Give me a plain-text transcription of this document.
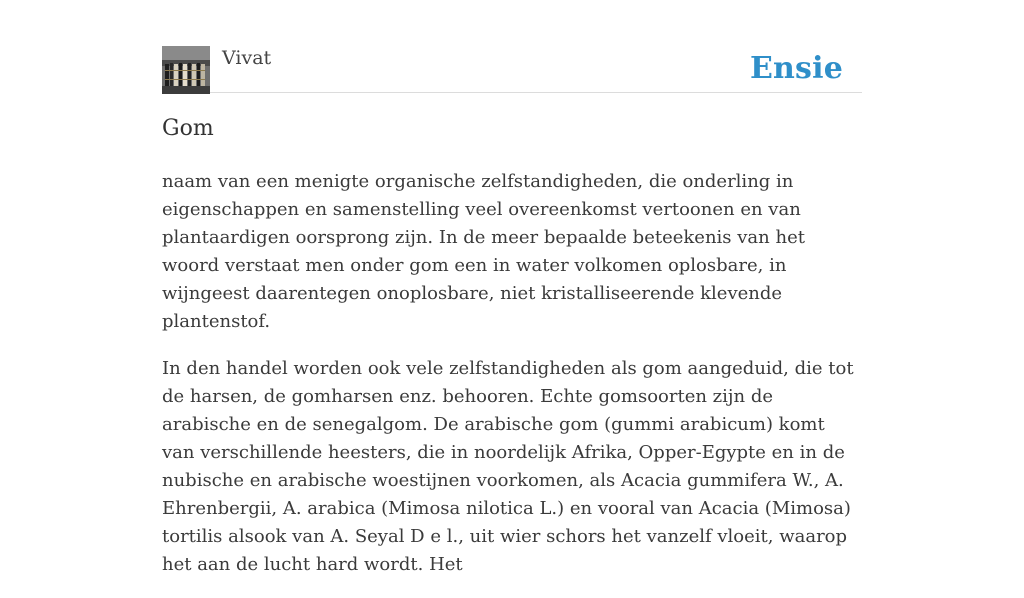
Vivat	Ensie
Gom

naam van een menigte organische zelfstandigheden, die onderling in eigenschappen en samenstelling veel overeenkomst vertoonen en van plantaardigen oorsprong zijn. In de meer bepaalde beteekenis van het woord verstaat men onder gom een in water volkomen oplosbare, in wijngeest daarentegen onoplosbare, niet kristalliseerende klevende plantenstof.

In den handel worden ook vele zelfstandigheden als gom aangeduid, die tot de harsen, de gomharsen enz. behooren. Echte gomsoorten zijn de arabische en de senegalgom. De arabische gom (gummi arabicum) komt van verschillende heesters, die in noordelijk Afrika, Opper-Egypte en in de nubische en arabische woestijnen voorkomen, als Acacia gummifera W., A. Ehrenbergii, A. arabica (Mimosa nilotica L.) en vooral van Acacia (Mimosa) tortilis alsook van A. Seyal D e l., uit wier schors het vanzelf vloeit, waarop het aan de lucht hard wordt. Het
